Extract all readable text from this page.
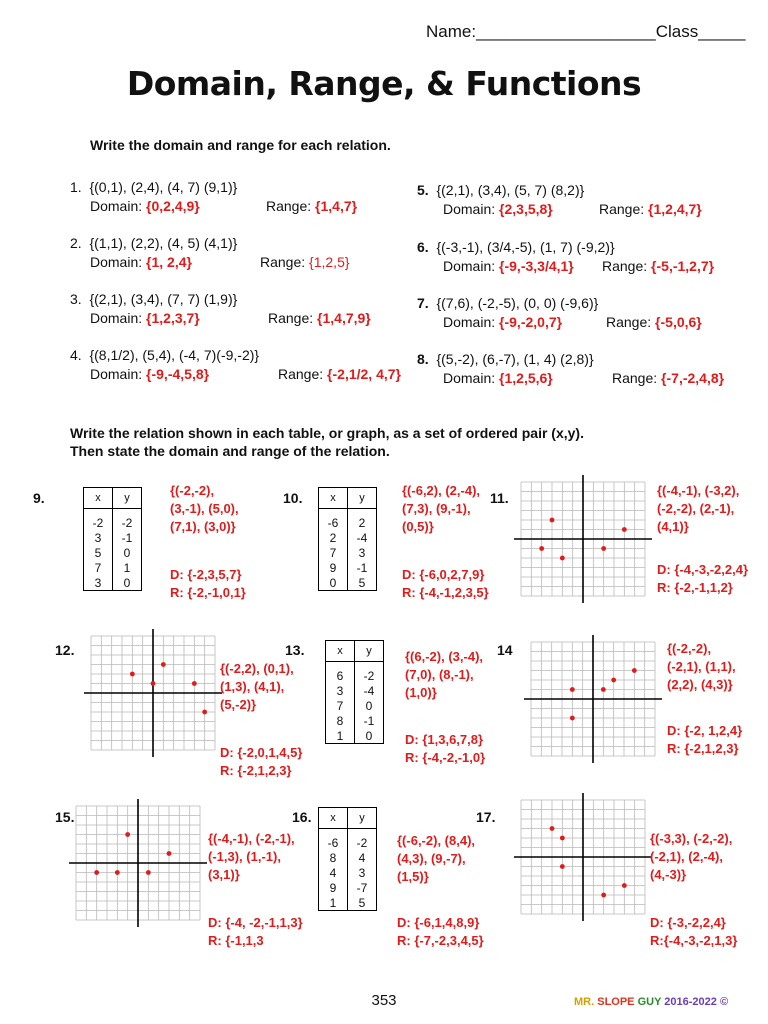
Name:___________________Class_____
Domain, Range, & Functions
Write the domain and range for each relation.
1. {(0,1), (2,4), (4, 7) (9,1)}
Domain: {0,2,4,9}	Range: {1,4,7}
2. {(1,1), (2,2), (4, 5) (4,1)}
Domain: {1, 2,4}	Range: {1,2,5}
3. {(2,1), (3,4), (7, 7) (1,9)}
Domain: {1,2,3,7}	Range: {1,4,7,9}
4. {(8,1/2), (5,4), (-4, 7)(-9,-2)}
Domain: {-9,-4,5,8}	Range: {-2,1/2, 4,7}
5. {(2,1), (3,4), (5, 7) (8,2)}
Domain: {2,3,5,8}	Range: {1,2,4,7}
6. {(-3,-1), (3/4,-5), (1, 7) (-9,2)}
Domain: {-9,-3,3/4,1} Range: {-5,-1,2,7}
7. {(7,6), (-2,-5), (0, 0) (-9,6)}
Domain: {-9,-2,0,7}	Range: {-5,0,6}
8. {(5,-2), (6,-7), (1, 4) (2,8)}
Domain: {1,2,5,6}	Range: {-7,-2,4,8}
Write the relation shown in each table, or graph, as a set of ordered pair (x,y).
Then state the domain and range of the relation.
9.	x	y
-2	-2
3	-1
5	0
7	1
3	0
{(-2,-2),
(3,-1), (5,0),
(7,1), (3,0)}
D: {-2,3,5,7}
R: {-2,-1,0,1}
10.	x	y
-6	2
2	-4
7	3
9	-1
0	5
{(-6,2), (2,-4),
(7,3), (9,-1),
(0,5)}
D: {-6,0,2,7,9}
R: {-4,-1,2,3,5}
11.	{(-4,-1), (-3,2),
(-2,-2), (2,-1),
(4,1)}
D: {-4,-3,-2,2,4}
R: {-2,-1,1,2}
12.
{(-2,2), (0,1),
(1,3), (4,1),
(5,-2)}
D: {-2,0,1,4,5}
R: {-2,1,2,3}
13.	x	y
6	-2
3	-4
7	0
8	-1
1	0
{(6,-2), (3,-4),
(7,0), (8,-1),
(1,0)}
D: {1,3,6,7,8}
R: {-4,-2,-1,0}
14	{(-2,-2),
(-2,1), (1,1),
(2,2), (4,3)}
D: {-2, 1,2,4}
R: {-2,1,2,3}
15.
{(-4,-1), (-2,-1),
(-1,3), (1,-1),
(3,1)}
D: {-4, -2,-1,1,3}
R: {-1,1,3
16. x	y
-6	-2
8	4
4	3
9	-7
1	5
{(-6,-2), (8,4),
(4,3), (9,-7),
(1,5)}
D: {-6,1,4,8,9}
R: {-7,-2,3,4,5}
17.
{(-3,3), (-2,-2),
(-2,1), (2,-4),
(4,-3)}
D: {-3,-2,2,4}
R:{-4,-3,-2,1,3}
353	MR. SLOPE GUY 2016-2022 ©
